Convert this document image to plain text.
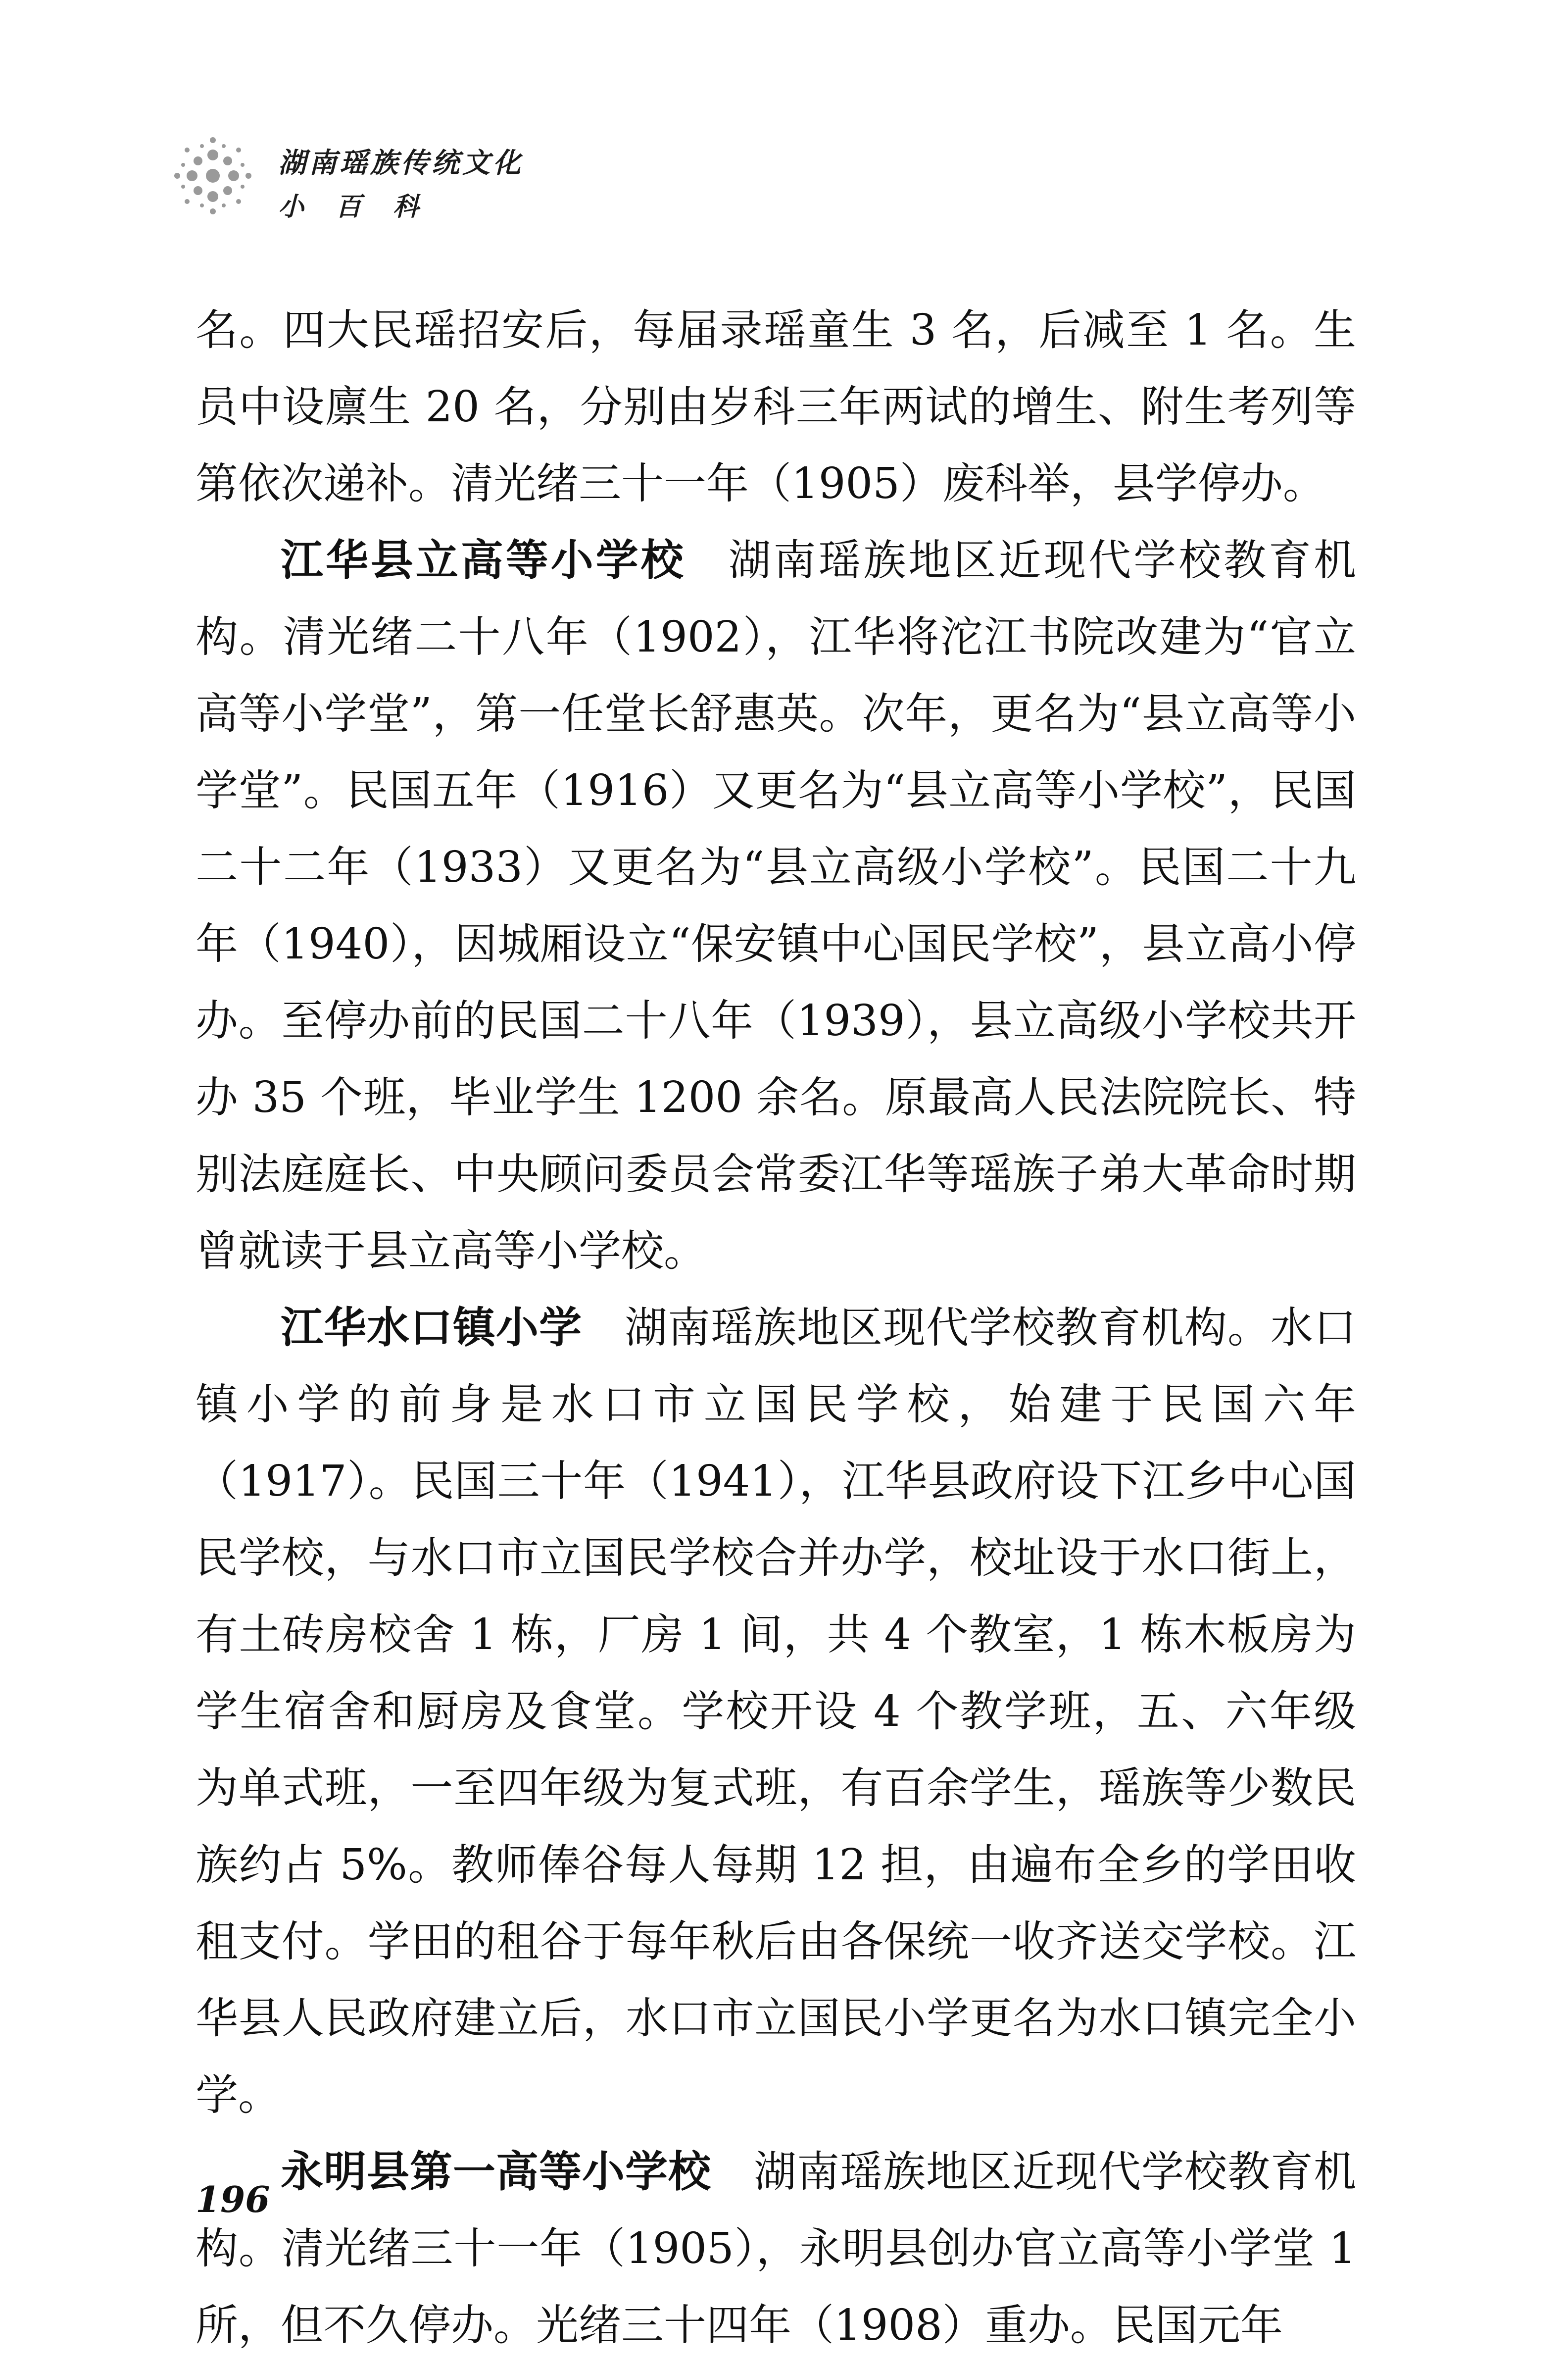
湖南瑶族传统文化
小百科

名。四大民瑶招安后，每届录瑶童生 3 名，后减至 1 名。生员中设廪生 20 名，分别由岁科三年两试的增生、附生考列等第依次递补。清光绪三十一年（1905）废科举，县学停办。

江华县立高等小学校 湖南瑶族地区近现代学校教育机构。清光绪二十八年（1902），江华将沱江书院改建为“官立高等小学堂”，第一任堂长舒惠英。次年，更名为“县立高等小学堂”。民国五年（1916）又更名为“县立高等小学校”，民国二十二年（1933）又更名为“县立高级小学校”。民国二十九年（1940），因城厢设立“保安镇中心国民学校”，县立高小停办。至停办前的民国二十八年（1939），县立高级小学校共开办 35 个班，毕业学生 1200 余名。原最高人民法院院长、特别法庭庭长、中央顾问委员会常委江华等瑶族子弟大革命时期曾就读于县立高等小学校。

江华水口镇小学 湖南瑶族地区现代学校教育机构。水口镇小学的前身是水口市立国民学校，始建于民国六年（1917）。民国三十年（1941），江华县政府设下江乡中心国民学校，与水口市立国民学校合并办学，校址设于水口街上，有土砖房校舍 1 栋，厂房 1 间，共 4 个教室，1 栋木板房为学生宿舍和厨房及食堂。学校开设 4 个教学班，五、六年级为单式班，一至四年级为复式班，有百余学生，瑶族等少数民族约占 5%。教师俸谷每人每期 12 担，由遍布全乡的学田收租支付。学田的租谷于每年秋后由各保统一收齐送交学校。江华县人民政府建立后，水口市立国民小学更名为水口镇完全小学。

永明县第一高等小学校 湖南瑶族地区近现代学校教育机构。清光绪三十一年（1905），永明县创办官立高等小学堂 1 所，但不久停办。光绪三十四年（1908）重办。民国元年

196
